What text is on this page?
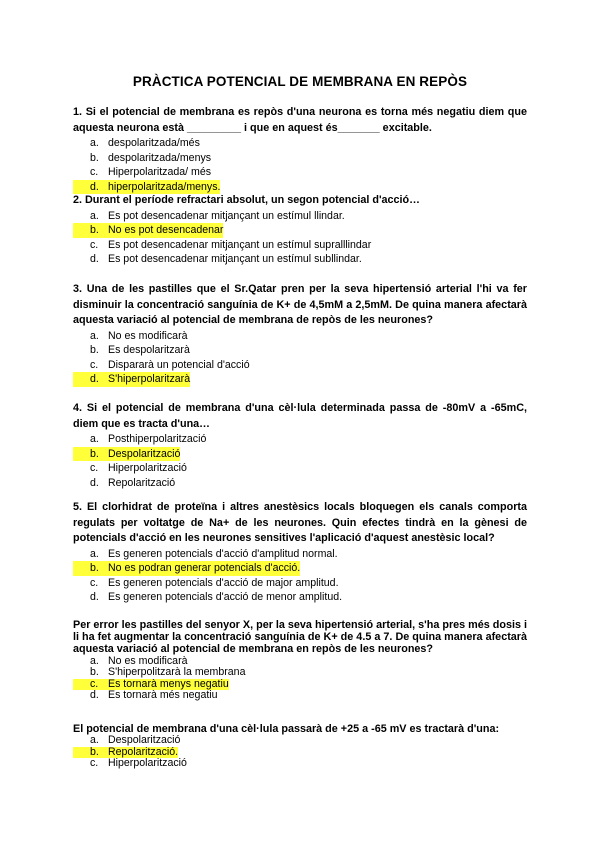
PRÀCTICA POTENCIAL DE MEMBRANA EN REPÒS
1. Si el potencial de membrana es repòs d'una neurona es torna més negatiu diem que aquesta neurona està _________ i que en aquest és_______ excitable.
a. despolaritzada/més
b. despolaritzada/menys
c. Hiperpolaritzada/ més
d. hiperpolaritzada/menys.
2. Durant el període refractari absolut, un segon potencial d'acció…
a. Es pot desencadenar mitjançant un estímul llindar.
b. No es pot desencadenar
c. Es pot desencadenar mitjançant un estímul supralllindar
d. Es pot desencadenar mitjançant un estímul subllindar.
3. Una de les pastilles que el Sr.Qatar pren per la seva hipertensió arterial l'hi va fer disminuir la concentració sanguínia de K+ de 4,5mM a 2,5mM. De quina manera afectarà aquesta variació al potencial de membrana de repòs de les neurones?
a. No es modificarà
b. Es despolaritzarà
c. Dispararà un potencial d'acció
d. S'hiperpolaritzarà
4. Si el potencial de membrana d'una cèl·lula determinada passa de -80mV a -65mC, diem que es tracta d'una…
a. Posthiperpolarització
b. Despolarització
c. Hiperpolarització
d. Repolarització
5. El clorhidrat de proteïna i altres anestèsics locals bloquegen els canals comporta regulats per voltatge de Na+ de les neurones. Quin efectes tindrà en la gènesi de potencials d'acció en les neurones sensitives l'aplicació d'aquest anestèsic local?
a. Es generen potencials d'acció d'amplitud normal.
b. No es podran generar potencials d'acció.
c. Es generen potencials d'acció de major amplitud.
d. Es generen potencials d'acció de menor amplitud.
Per error les pastilles del senyor X, per la seva hipertensió arterial, s'ha pres més dosis i li ha fet augmentar la concentració sanguínia de K+ de 4.5 a 7. De quina manera afectarà aquesta variació al potencial de membrana en repòs de les neurones?
a. No es modificarà
b. S'hiperpolitzarà la membrana
c. Es tornarà menys negatiu
d. Es tornarà més negatiu
El potencial de membrana d'una cèl·lula passarà de +25 a -65 mV es tractarà d'una:
a. Despolarització
b. Repolarització.
c. Hiperpolarització
